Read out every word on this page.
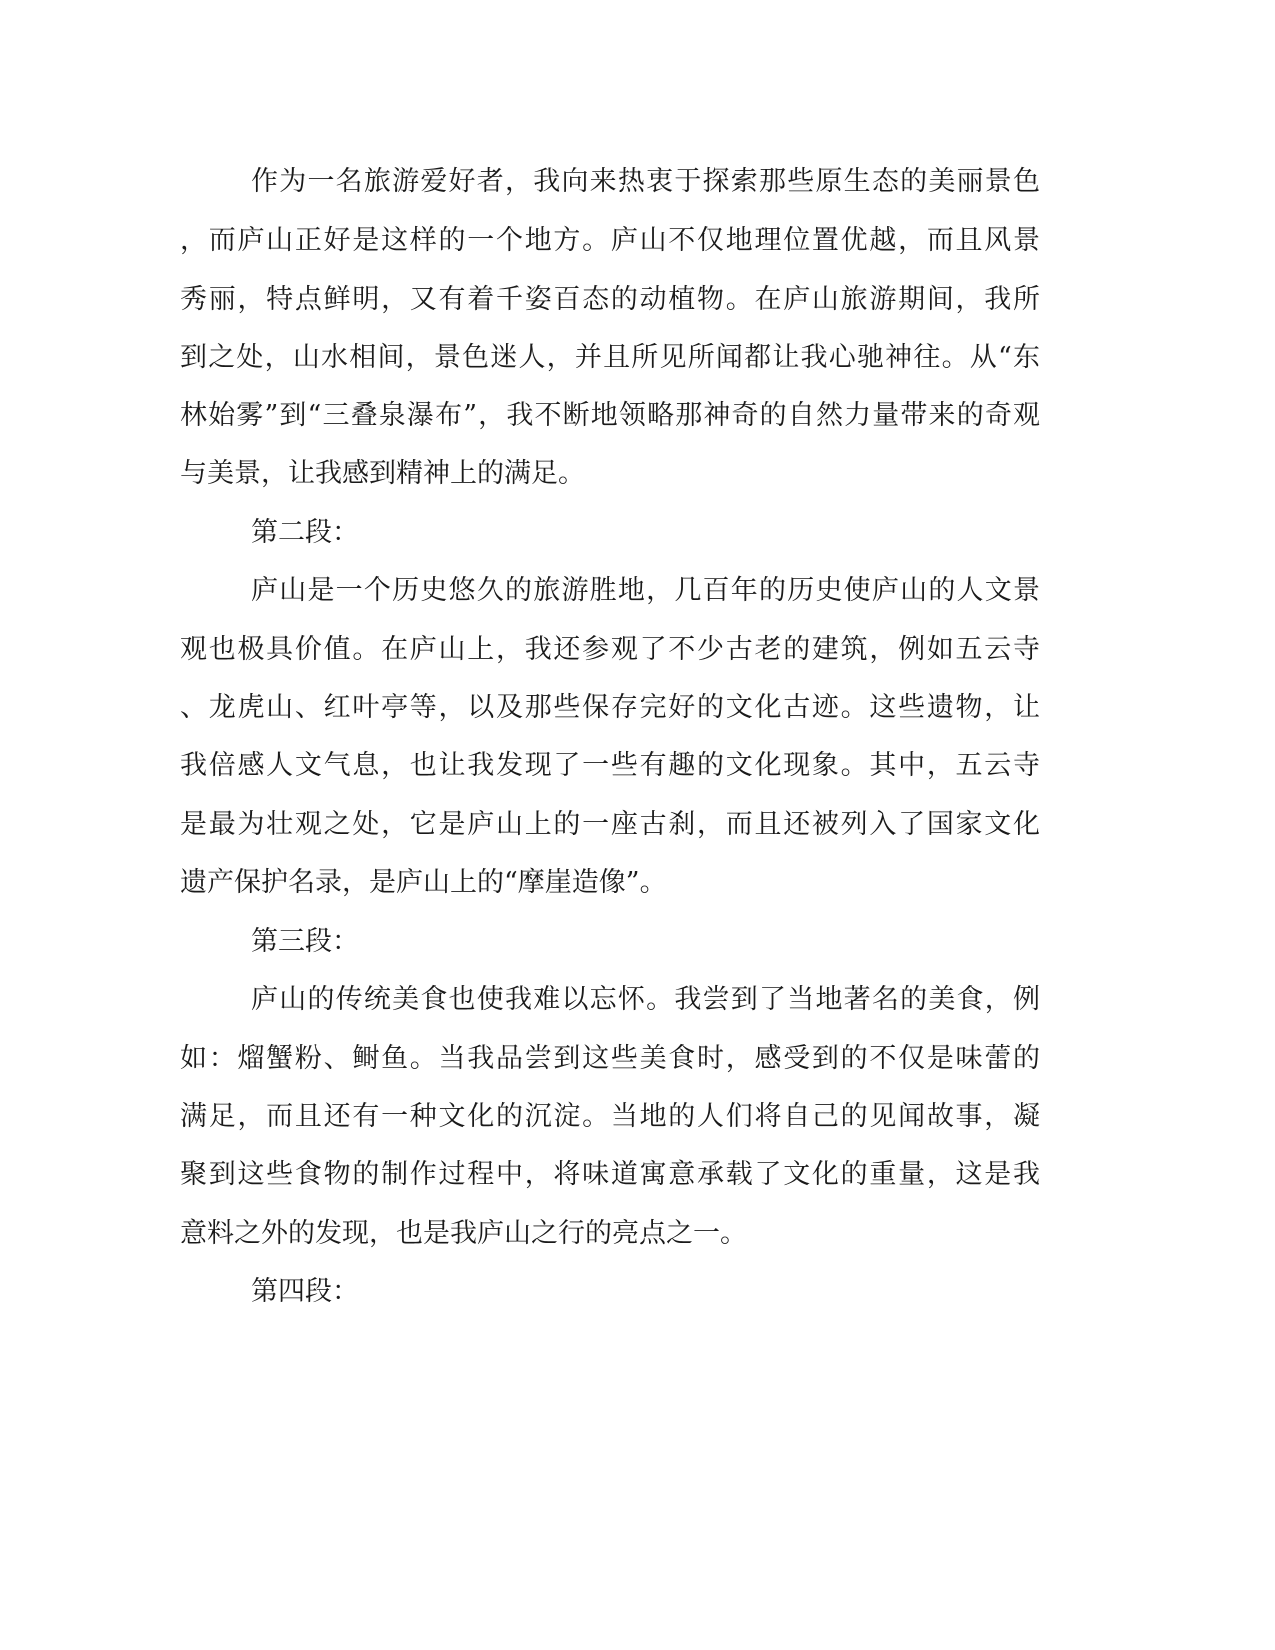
作为一名旅游爱好者，我向来热衷于探索那些原生态的美丽景色
，而庐山正好是这样的一个地方。庐山不仅地理位置优越，而且风景
秀丽，特点鲜明，又有着千姿百态的动植物。在庐山旅游期间，我所
到之处，山水相间，景色迷人，并且所见所闻都让我心驰神往。从“东
林始雾”到“三叠泉瀑布”，我不断地领略那神奇的自然力量带来的奇观
与美景，让我感到精神上的满足。
第二段：
庐山是一个历史悠久的旅游胜地，几百年的历史使庐山的人文景
观也极具价值。在庐山上，我还参观了不少古老的建筑，例如五云寺
、龙虎山、红叶亭等，以及那些保存完好的文化古迹。这些遗物，让
我倍感人文气息，也让我发现了一些有趣的文化现象。其中，五云寺
是最为壮观之处，它是庐山上的一座古刹，而且还被列入了国家文化
遗产保护名录，是庐山上的“摩崖造像”。
第三段：
庐山的传统美食也使我难以忘怀。我尝到了当地著名的美食，例
如：熘蟹粉、鲥鱼。当我品尝到这些美食时，感受到的不仅是味蕾的
满足，而且还有一种文化的沉淀。当地的人们将自己的见闻故事，凝
聚到这些食物的制作过程中，将味道寓意承载了文化的重量，这是我
意料之外的发现，也是我庐山之行的亮点之一。
第四段：
